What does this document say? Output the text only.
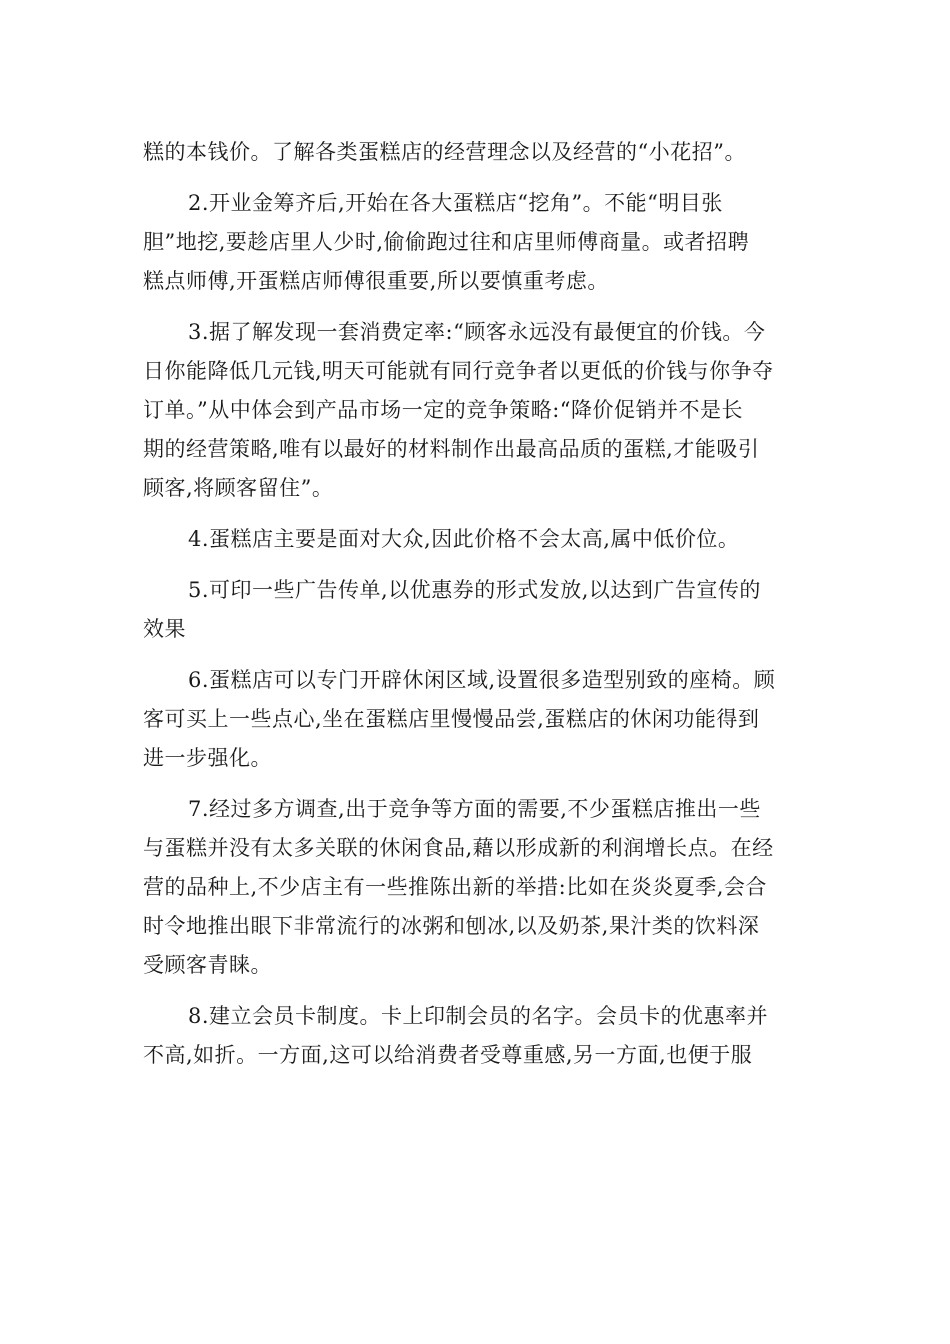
糕的本钱价。了解各类蛋糕店的经营理念以及经营的“小花招”。

2.开业金筹齐后,开始在各大蛋糕店“挖角”。不能“明目张
胆”地挖,要趁店里人少时,偷偷跑过往和店里师傅商量。或者招聘
糕点师傅,开蛋糕店师傅很重要,所以要慎重考虑。

3.据了解发现一套消费定率:“顾客永远没有最便宜的价钱。今
日你能降低几元钱,明天可能就有同行竞争者以更低的价钱与你争夺
订单。”从中体会到产品市场一定的竞争策略:“降价促销并不是长
期的经营策略,唯有以最好的材料制作出最高品质的蛋糕,才能吸引
顾客,将顾客留住”。

4.蛋糕店主要是面对大众,因此价格不会太高,属中低价位。

5.可印一些广告传单,以优惠券的形式发放,以达到广告宣传的
效果

6.蛋糕店可以专门开辟休闲区域,设置很多造型别致的座椅。顾
客可买上一些点心,坐在蛋糕店里慢慢品尝,蛋糕店的休闲功能得到
进一步强化。

7.经过多方调查,出于竞争等方面的需要,不少蛋糕店推出一些
与蛋糕并没有太多关联的休闲食品,藉以形成新的利润增长点。在经
营的品种上,不少店主有一些推陈出新的举措:比如在炎炎夏季,会合
时令地推出眼下非常流行的冰粥和刨冰,以及奶茶,果汁类的饮料深
受顾客青睐。

8.建立会员卡制度。卡上印制会员的名字。会员卡的优惠率并
不高,如折。一方面,这可以给消费者受尊重感,另一方面,也便于服
